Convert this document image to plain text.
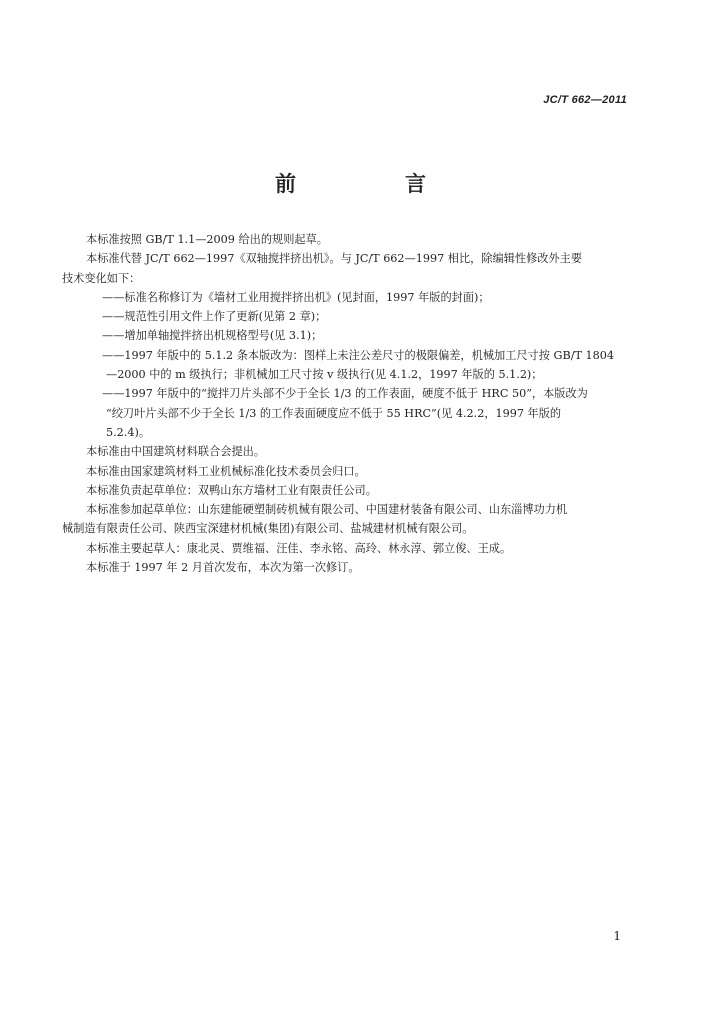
JC/T 662—2011
前　言
本标准按照 GB/T 1.1—2009 给出的规则起草。
本标准代替 JC/T 662—1997《双轴搅拌挤出机》。与 JC/T 662—1997 相比，除编辑性修改外主要
技术变化如下：
——标准名称修订为《墙材工业用搅拌挤出机》(见封面，1997 年版的封面)；
——规范性引用文件上作了更新(见第 2 章)；
——增加单轴搅拌挤出机规格型号(见 3.1)；
——1997 年版中的 5.1.2 条本版改为：图样上未注公差尺寸的极限偏差，机械加工尺寸按 GB/T 1804
—2000 中的 m 级执行；非机械加工尺寸按 v 级执行(见 4.1.2，1997 年版的 5.1.2)；
——1997 年版中的“搅拌刀片头部不少于全长 1/3 的工作表面，硬度不低于 HRC 50”，本版改为
“绞刀叶片头部不少于全长 1/3 的工作表面硬度应不低于 55 HRC”(见 4.2.2，1997 年版的
5.2.4)。
本标准由中国建筑材料联合会提出。
本标准由国家建筑材料工业机械标准化技术委员会归口。
本标准负责起草单位：双鸭山东方墙材工业有限责任公司。
本标准参加起草单位：山东建能硬塑制砖机械有限公司、中国建材装备有限公司、山东淄博功力机
械制造有限责任公司、陕西宝深建材机械(集团)有限公司、盐城建材机械有限公司。
本标准主要起草人：康北灵、贾维福、汪佳、李永铭、高玲、林永淳、郭立俊、王成。
本标准于 1997 年 2 月首次发布，本次为第一次修订。
1
